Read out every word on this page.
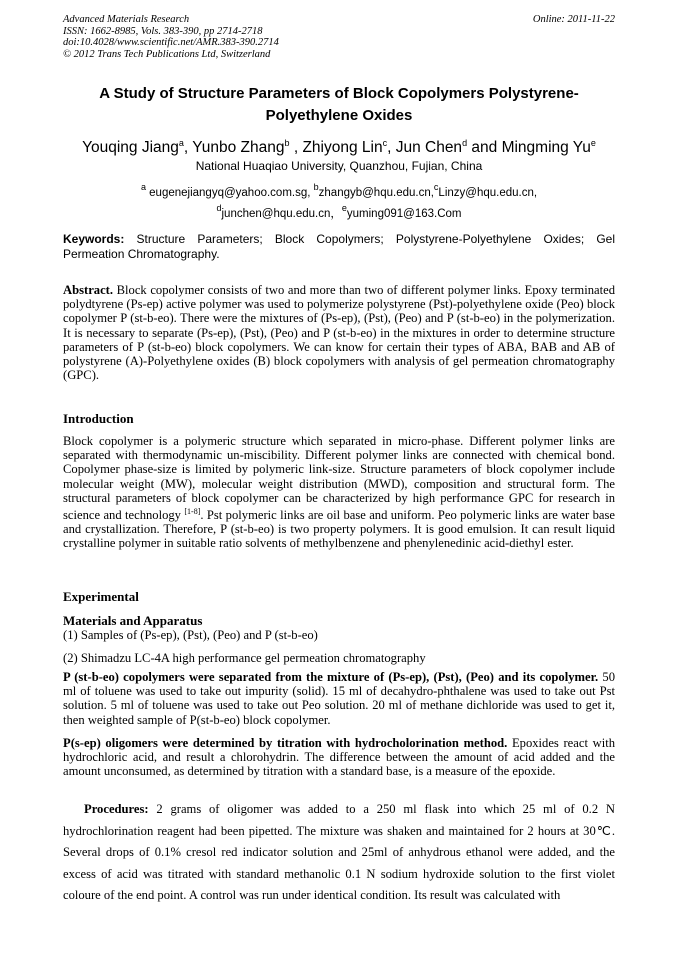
Advanced Materials Research
ISSN: 1662-8985, Vols. 383-390, pp 2714-2718
doi:10.4028/www.scientific.net/AMR.383-390.2714
© 2012 Trans Tech Publications Ltd, Switzerland
Online: 2011-11-22
A Study of Structure Parameters of Block Copolymers Polystyrene-
Polyethylene Oxides
Youqing Jiang$^a$, Yunbo Zhang$^b$ , Zhiyong Lin$^c$, Jun Chen$^d$ and Mingming Yu$^e$
National Huaqiao University, Quanzhou, Fujian, China
$^a$ eugenejiangyq@yahoo.com.sg, $^b$zhangyb@hqu.edu.cn,$^c$Linzy@hqu.edu.cn,
$^d$junchen@hqu.edu.cn，$^e$yuming091@163.Com
Keywords: Structure Parameters; Block Copolymers; Polystyrene-Polyethylene Oxides; Gel Permeation Chromatography.
Abstract. Block copolymer consists of two and more than two of different polymer links. Epoxy terminated polydtyrene (Ps-ep) active polymer was used to polymerize polystyrene (Pst)-polyethylene oxide (Peo) block copolymer P (st-b-eo). There were the mixtures of (Ps-ep), (Pst), (Peo) and P (st-b-eo) in the polymerization. It is necessary to separate (Ps-ep), (Pst), (Peo) and P (st-b-eo) in the mixtures in order to determine structure parameters of P (st-b-eo) block copolymers. We can know for certain their types of ABA, BAB and AB of polystyrene (A)-Polyethylene oxides (B) block copolymers with analysis of gel permeation chromatography (GPC).
Introduction
Block copolymer is a polymeric structure which separated in micro-phase. Different polymer links are separated with thermodynamic un-miscibility. Different polymer links are connected with chemical bond. Copolymer phase-size is limited by polymeric link-size. Structure parameters of block copolymer include molecular weight (MW), molecular weight distribution (MWD), composition and structural form. The structural parameters of block copolymer can be characterized by high performance GPC for research in science and technology [1-8]. Pst polymeric links are oil base and uniform. Peo polymeric links are water base and crystallization. Therefore, P (st-b-eo) is two property polymers. It is good emulsion. It can result liquid crystalline polymer in suitable ratio solvents of methylbenzene and phenylenedinic acid-diethyl ester.
Experimental
Materials and Apparatus
(1) Samples of (Ps-ep), (Pst), (Peo) and P (st-b-eo)
(2) Shimadzu LC-4A high performance gel permeation chromatography
P (st-b-eo) copolymers were separated from the mixture of (Ps-ep), (Pst), (Peo) and its copolymer. 50 ml of toluene was used to take out impurity (solid). 15 ml of decahydro-phthalene was used to take out Pst solution. 5 ml of toluene was used to take out Peo solution. 20 ml of methane dichloride was used to get it, then weighted sample of P(st-b-eo) block copolymer.
P(s-ep) oligomers were determined by titration with hydrocholorination method. Epoxides react with hydrochloric acid, and result a chlorohydrin. The difference between the amount of acid added and the amount unconsumed, as determined by titration with a standard base, is a measure of the epoxide.
Procedures: 2 grams of oligomer was added to a 250 ml flask into which 25 ml of 0.2 N hydrochlorination reagent had been pipetted. The mixture was shaken and maintained for 2 hours at 30℃. Several drops of 0.1% cresol red indicator solution and 25ml of anhydrous ethanol were added, and the excess of acid was titrated with standard methanolic 0.1 N sodium hydroxide solution to the first violet coloure of the end point. A control was run under identical condition. Its result was calculated with
